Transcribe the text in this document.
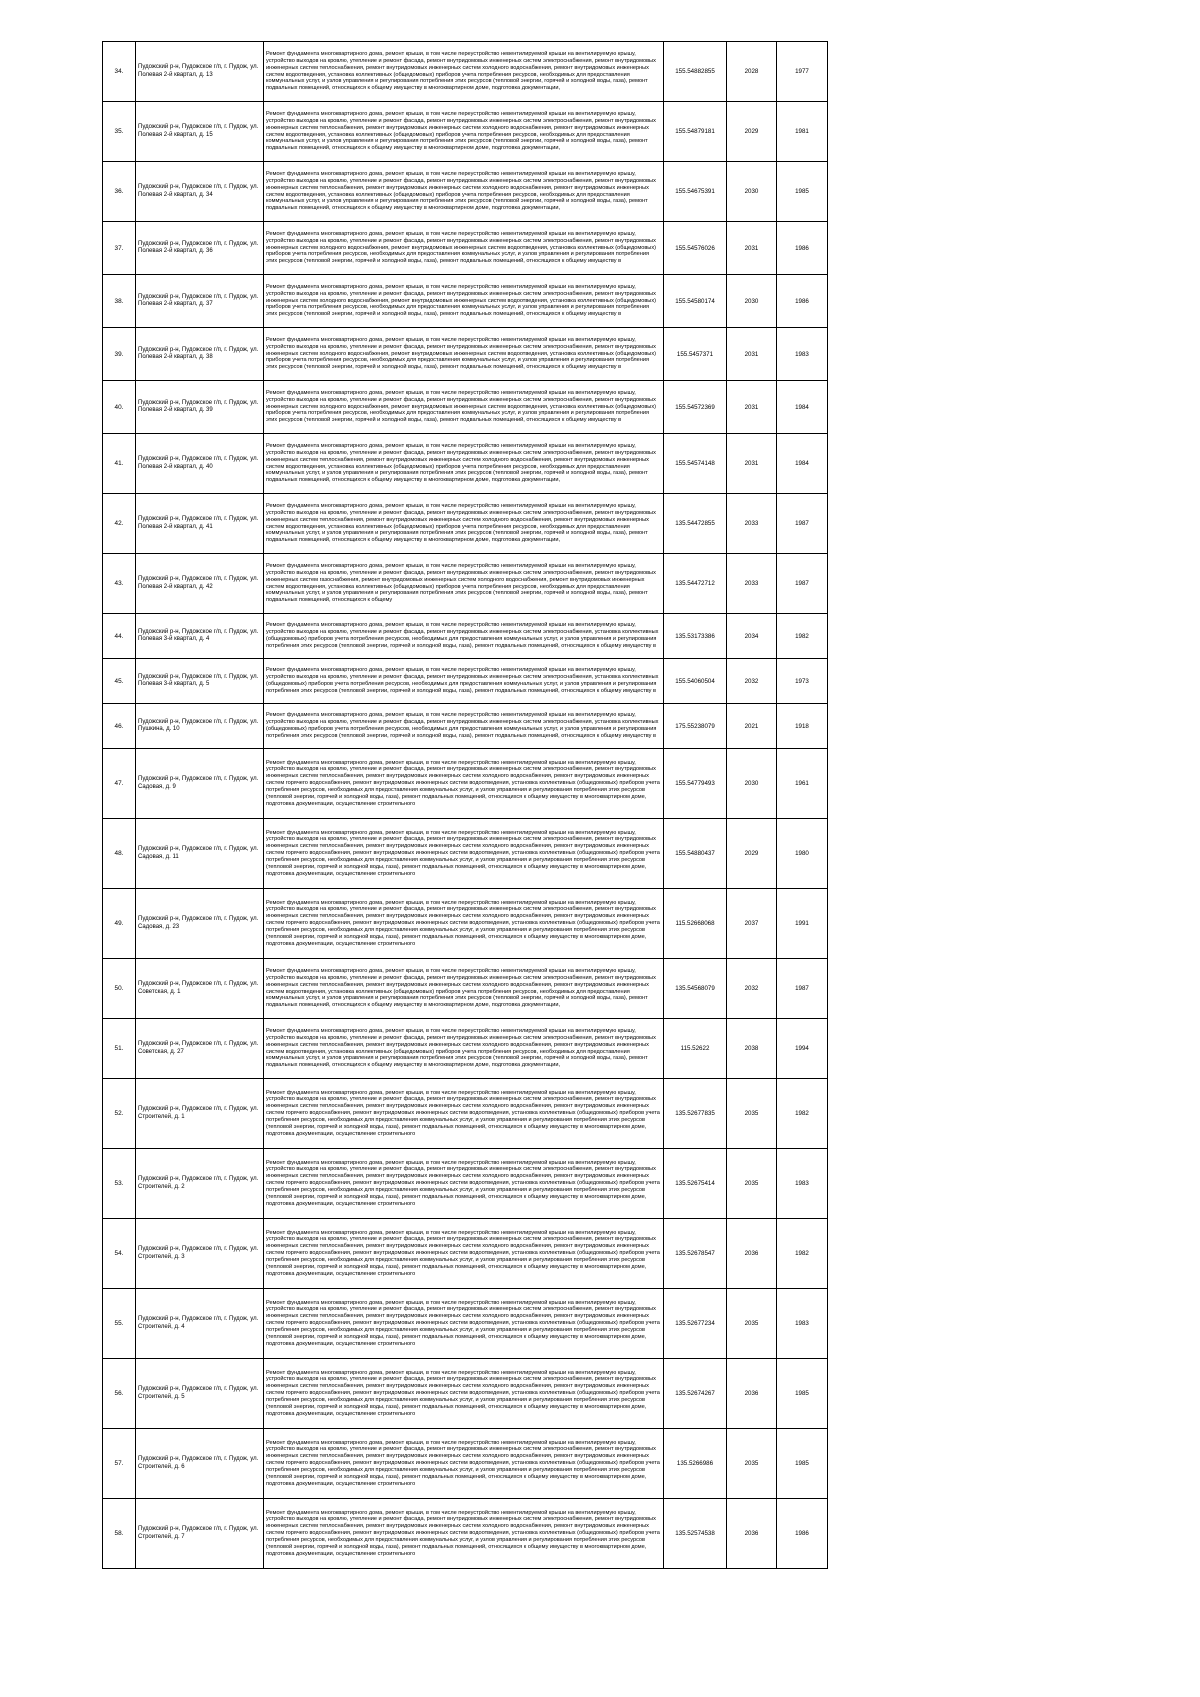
34.	Пудожский р-н, Пудожское г/п, г. Пудож, ул. Полевая 2-й квартал, д. 13	Ремонт фундамента многоквартирного дома, ремонт крыши, в том числе переустройство невентилируемой крыши на вентилируемую крышу, устройство выходов на кровлю, утепление и ремонт фасада, ремонт внутридомовых инженерных систем электроснабжения, ремонт внутридомовых инженерных систем теплоснабжения, ремонт внутридомовых инженерных систем холодного водоснабжения, ремонт внутридомовых инженерных систем водоотведения, установка коллективных (общедомовых) приборов учета потребления ресурсов, необходимых для предоставления коммунальных услуг, и узлов управления и регулирования потребления этих ресурсов (тепловой энергии, горячей и холодной воды, газа), ремонт подвальных помещений, относящихся к общему имуществу в многоквартирном доме, подготовка документации,	155.54882855	2028	1977
35.	Пудожский р-н, Пудожское г/п, г. Пудож, ул. Полевая 2-й квартал, д. 15	Ремонт фундамента многоквартирного дома, ремонт крыши, в том числе переустройство невентилируемой крыши на вентилируемую крышу, устройство выходов на кровлю, утепление и ремонт фасада, ремонт внутридомовых инженерных систем электроснабжения, ремонт внутридомовых инженерных систем теплоснабжения, ремонт внутридомовых инженерных систем холодного водоснабжения, ремонт внутридомовых инженерных систем водоотведения, установка коллективных (общедомовых) приборов учета потребления ресурсов, необходимых для предоставления коммунальных услуг, и узлов управления и регулирования потребления этих ресурсов (тепловой энергии, горячей и холодной воды, газа), ремонт подвальных помещений, относящихся к общему имуществу в многоквартирном доме, подготовка документации,	155.54879181	2029	1981
36.	Пудожский р-н, Пудожское г/п, г. Пудож, ул. Полевая 2-й квартал, д. 34	Ремонт фундамента многоквартирного дома, ремонт крыши, в том числе переустройство невентилируемой крыши на вентилируемую крышу, устройство выходов на кровлю, утепление и ремонт фасада, ремонт внутридомовых инженерных систем электроснабжения, ремонт внутридомовых инженерных систем теплоснабжения, ремонт внутридомовых инженерных систем холодного водоснабжения, ремонт внутридомовых инженерных систем водоотведения, установка коллективных (общедомовых) приборов учета потребления ресурсов, необходимых для предоставления коммунальных услуг, и узлов управления и регулирования потребления этих ресурсов (тепловой энергии, горячей и холодной воды, газа), ремонт подвальных помещений, относящихся к общему имуществу в многоквартирном доме, подготовка документации,	155.54675391	2030	1985
37.	Пудожский р-н, Пудожское г/п, г. Пудож, ул. Полевая 2-й квартал, д. 36	Ремонт фундамента многоквартирного дома, ремонт крыши, в том числе переустройство невентилируемой крыши на вентилируемую крышу, устройство выходов на кровлю, утепление и ремонт фасада, ремонт внутридомовых инженерных систем электроснабжения, ремонт внутридомовых инженерных систем холодного водоснабжения, ремонт внутридомовых инженерных систем водоотведения, установка коллективных (общедомовых) приборов учета потребления ресурсов, необходимых для предоставления коммунальных услуг, и узлов управления и регулирования потребления этих ресурсов (тепловой энергии, горячей и холодной воды, газа), ремонт подвальных помещений, относящихся к общему имуществу в	155.54576026	2031	1986
38.	Пудожский р-н, Пудожское г/п, г. Пудож, ул. Полевая 2-й квартал, д. 37	Ремонт фундамента многоквартирного дома, ремонт крыши, в том числе переустройство невентилируемой крыши на вентилируемую крышу, устройство выходов на кровлю, утепление и ремонт фасада, ремонт внутридомовых инженерных систем электроснабжения, ремонт внутридомовых инженерных систем холодного водоснабжения, ремонт внутридомовых инженерных систем водоотведения, установка коллективных (общедомовых) приборов учета потребления ресурсов, необходимых для предоставления коммунальных услуг, и узлов управления и регулирования потребления этих ресурсов (тепловой энергии, горячей и холодной воды, газа), ремонт подвальных помещений, относящихся к общему имуществу в	155.54580174	2030	1986
39.	Пудожский р-н, Пудожское г/п, г. Пудож, ул. Полевая 2-й квартал, д. 38	Ремонт фундамента многоквартирного дома, ремонт крыши, в том числе переустройство невентилируемой крыши на вентилируемую крышу, устройство выходов на кровлю, утепление и ремонт фасада, ремонт внутридомовых инженерных систем электроснабжения, ремонт внутридомовых инженерных систем холодного водоснабжения, ремонт внутридомовых инженерных систем водоотведения, установка коллективных (общедомовых) приборов учета потребления ресурсов, необходимых для предоставления коммунальных услуг, и узлов управления и регулирования потребления этих ресурсов (тепловой энергии, горячей и холодной воды, газа), ремонт подвальных помещений, относящихся к общему имуществу в	155.5457371	2031	1983
40.	Пудожский р-н, Пудожское г/п, г. Пудож, ул. Полевая 2-й квартал, д. 39	Ремонт фундамента многоквартирного дома, ремонт крыши, в том числе переустройство невентилируемой крыши на вентилируемую крышу, устройство выходов на кровлю, утепление и ремонт фасада, ремонт внутридомовых инженерных систем электроснабжения, ремонт внутридомовых инженерных систем холодного водоснабжения, ремонт внутридомовых инженерных систем водоотведения, установка коллективных (общедомовых) приборов учета потребления ресурсов, необходимых для предоставления коммунальных услуг, и узлов управления и регулирования потребления этих ресурсов (тепловой энергии, горячей и холодной воды, газа), ремонт подвальных помещений, относящихся к общему имуществу в	155.54572369	2031	1984
41.	Пудожский р-н, Пудожское г/п, г. Пудож, ул. Полевая 2-й квартал, д. 40	Ремонт фундамента многоквартирного дома, ремонт крыши, в том числе переустройство невентилируемой крыши на вентилируемую крышу, устройство выходов на кровлю, утепление и ремонт фасада, ремонт внутридомовых инженерных систем электроснабжения, ремонт внутридомовых инженерных систем теплоснабжения, ремонт внутридомовых инженерных систем холодного водоснабжения, ремонт внутридомовых инженерных систем водоотведения, установка коллективных (общедомовых) приборов учета потребления ресурсов, необходимых для предоставления коммунальных услуг, и узлов управления и регулирования потребления этих ресурсов (тепловой энергии, горячей и холодной воды, газа), ремонт подвальных помещений, относящихся к общему имуществу в многоквартирном доме, подготовка документации,	155.54574148	2031	1984
42.	Пудожский р-н, Пудожское г/п, г. Пудож, ул. Полевая 2-й квартал, д. 41	Ремонт фундамента многоквартирного дома, ремонт крыши, в том числе переустройство невентилируемой крыши на вентилируемую крышу, устройство выходов на кровлю, утепление и ремонт фасада, ремонт внутридомовых инженерных систем электроснабжения, ремонт внутридомовых инженерных систем теплоснабжения, ремонт внутридомовых инженерных систем холодного водоснабжения, ремонт внутридомовых инженерных систем водоотведения, установка коллективных (общедомовых) приборов учета потребления ресурсов, необходимых для предоставления коммунальных услуг, и узлов управления и регулирования потребления этих ресурсов (тепловой энергии, горячей и холодной воды, газа), ремонт подвальных помещений, относящихся к общему имуществу в многоквартирном доме, подготовка документации,	135.54472855	2033	1987
43.	Пудожский р-н, Пудожское г/п, г. Пудож, ул. Полевая 2-й квартал, д. 42	Ремонт фундамента многоквартирного дома, ремонт крыши, в том числе переустройство невентилируемой крыши на вентилируемую крышу, устройство выходов на кровлю, утепление и ремонт фасада, ремонт внутридомовых инженерных систем электроснабжения, ремонт внутридомовых инженерных систем газоснабжения, ремонт внутридомовых инженерных систем холодного водоснабжения, ремонт внутридомовых инженерных систем водоотведения, установка коллективных (общедомовых) приборов учета потребления ресурсов, необходимых для предоставления коммунальных услуг, и узлов управления и регулирования потребления этих ресурсов (тепловой энергии, горячей и холодной воды, газа), ремонт подвальных помещений, относящихся к общему	135.54472712	2033	1987
44.	Пудожский р-н, Пудожское г/п, г. Пудож, ул. Полевая 3-й квартал, д. 4	Ремонт фундамента многоквартирного дома, ремонт крыши, в том числе переустройство невентилируемой крыши на вентилируемую крышу, устройство выходов на кровлю, утепление и ремонт фасада, ремонт внутридомовых инженерных систем электроснабжения, установка коллективных (общедомовых) приборов учета потребления ресурсов, необходимых для предоставления коммунальных услуг, и узлов управления и регулирования потребления этих ресурсов (тепловой энергии, горячей и холодной воды, газа), ремонт подвальных помещений, относящихся к общему имуществу в	135.53173386	2034	1982
45.	Пудожский р-н, Пудожское г/п, г. Пудож, ул. Полевая 3-й квартал, д. 5	Ремонт фундамента многоквартирного дома, ремонт крыши, в том числе переустройство невентилируемой крыши на вентилируемую крышу, устройство выходов на кровлю, утепление и ремонт фасада, ремонт внутридомовых инженерных систем электроснабжения, установка коллективных (общедомовых) приборов учета потребления ресурсов, необходимых для предоставления коммунальных услуг, и узлов управления и регулирования потребления этих ресурсов (тепловой энергии, горячей и холодной воды, газа), ремонт подвальных помещений, относящихся к общему имуществу в	155.54060504	2032	1973
46.	Пудожский р-н, Пудожское г/п, г. Пудож, ул. Пушкина, д. 10	Ремонт фундамента многоквартирного дома, ремонт крыши, в том числе переустройство невентилируемой крыши на вентилируемую крышу, устройство выходов на кровлю, утепление и ремонт фасада, ремонт внутридомовых инженерных систем электроснабжения, установка коллективных (общедомовых) приборов учета потребления ресурсов, необходимых для предоставления коммунальных услуг, и узлов управления и регулирования потребления этих ресурсов (тепловой энергии, горячей и холодной воды, газа), ремонт подвальных помещений, относящихся к общему имуществу в	175.55238079	2021	1918
47.	Пудожский р-н, Пудожское г/п, г. Пудож, ул. Садовая, д. 9	Ремонт фундамента многоквартирного дома, ремонт крыши, в том числе переустройство невентилируемой крыши на вентилируемую крышу, устройство выходов на кровлю, утепление и ремонт фасада, ремонт внутридомовых инженерных систем электроснабжения, ремонт внутридомовых инженерных систем теплоснабжения, ремонт внутридомовых инженерных систем холодного водоснабжения, ремонт внутридомовых инженерных систем горячего водоснабжения, ремонт внутридомовых инженерных систем водоотведения, установка коллективных (общедомовых) приборов учета потребления ресурсов, необходимых для предоставления коммунальных услуг, и узлов управления и регулирования потребления этих ресурсов (тепловой энергии, горячей и холодной воды, газа), ремонт подвальных помещений, относящихся к общему имуществу в многоквартирном доме, подготовка документации, осуществление строительного	155.54779493	2030	1961
48.	Пудожский р-н, Пудожское г/п, г. Пудож, ул. Садовая, д. 11	Ремонт фундамента многоквартирного дома, ремонт крыши, в том числе переустройство невентилируемой крыши на вентилируемую крышу, устройство выходов на кровлю, утепление и ремонт фасада, ремонт внутридомовых инженерных систем электроснабжения, ремонт внутридомовых инженерных систем теплоснабжения, ремонт внутридомовых инженерных систем холодного водоснабжения, ремонт внутридомовых инженерных систем горячего водоснабжения, ремонт внутридомовых инженерных систем водоотведения, установка коллективных (общедомовых) приборов учета потребления ресурсов, необходимых для предоставления коммунальных услуг, и узлов управления и регулирования потребления этих ресурсов (тепловой энергии, горячей и холодной воды, газа), ремонт подвальных помещений, относящихся к общему имуществу в многоквартирном доме, подготовка документации, осуществление строительного	155.54880437	2029	1980
49.	Пудожский р-н, Пудожское г/п, г. Пудож, ул. Садовая, д. 23	Ремонт фундамента многоквартирного дома, ремонт крыши, в том числе переустройство невентилируемой крыши на вентилируемую крышу, устройство выходов на кровлю, утепление и ремонт фасада, ремонт внутридомовых инженерных систем электроснабжения, ремонт внутридомовых инженерных систем теплоснабжения, ремонт внутридомовых инженерных систем холодного водоснабжения, ремонт внутридомовых инженерных систем горячего водоснабжения, ремонт внутридомовых инженерных систем водоотведения, установка коллективных (общедомовых) приборов учета потребления ресурсов, необходимых для предоставления коммунальных услуг, и узлов управления и регулирования потребления этих ресурсов (тепловой энергии, горячей и холодной воды, газа), ремонт подвальных помещений, относящихся к общему имуществу в многоквартирном доме, подготовка документации, осуществление строительного	115.52668068	2037	1991
50.	Пудожский р-н, Пудожское г/п, г. Пудож, ул. Советская, д. 1	Ремонт фундамента многоквартирного дома, ремонт крыши, в том числе переустройство невентилируемой крыши на вентилируемую крышу, устройство выходов на кровлю, утепление и ремонт фасада, ремонт внутридомовых инженерных систем электроснабжения, ремонт внутридомовых инженерных систем теплоснабжения, ремонт внутридомовых инженерных систем холодного водоснабжения, ремонт внутридомовых инженерных систем водоотведения, установка коллективных (общедомовых) приборов учета потребления ресурсов, необходимых для предоставления коммунальных услуг, и узлов управления и регулирования потребления этих ресурсов (тепловой энергии, горячей и холодной воды, газа), ремонт подвальных помещений, относящихся к общему имуществу в многоквартирном доме, подготовка документации,	135.54568079	2032	1987
51.	Пудожский р-н, Пудожское г/п, г. Пудож, ул. Советская, д. 27	Ремонт фундамента многоквартирного дома, ремонт крыши, в том числе переустройство невентилируемой крыши на вентилируемую крышу, устройство выходов на кровлю, утепление и ремонт фасада, ремонт внутридомовых инженерных систем электроснабжения, ремонт внутридомовых инженерных систем теплоснабжения, ремонт внутридомовых инженерных систем холодного водоснабжения, ремонт внутридомовых инженерных систем водоотведения, установка коллективных (общедомовых) приборов учета потребления ресурсов, необходимых для предоставления коммунальных услуг, и узлов управления и регулирования потребления этих ресурсов (тепловой энергии, горячей и холодной воды, газа), ремонт подвальных помещений, относящихся к общему имуществу в многоквартирном доме, подготовка документации,	115.52622	2038	1994
52.	Пудожский р-н, Пудожское г/п, г. Пудож, ул. Строителей, д. 1	Ремонт фундамента многоквартирного дома, ремонт крыши, в том числе переустройство невентилируемой крыши на вентилируемую крышу, устройство выходов на кровлю, утепление и ремонт фасада, ремонт внутридомовых инженерных систем электроснабжения, ремонт внутридомовых инженерных систем теплоснабжения, ремонт внутридомовых инженерных систем холодного водоснабжения, ремонт внутридомовых инженерных систем горячего водоснабжения, ремонт внутридомовых инженерных систем водоотведения, установка коллективных (общедомовых) приборов учета потребления ресурсов, необходимых для предоставления коммунальных услуг, и узлов управления и регулирования потребления этих ресурсов (тепловой энергии, горячей и холодной воды, газа), ремонт подвальных помещений, относящихся к общему имуществу в многоквартирном доме, подготовка документации, осуществление строительного	135.52677835	2035	1982
53.	Пудожский р-н, Пудожское г/п, г. Пудож, ул. Строителей, д. 2	Ремонт фундамента многоквартирного дома, ремонт крыши, в том числе переустройство невентилируемой крыши на вентилируемую крышу, устройство выходов на кровлю, утепление и ремонт фасада, ремонт внутридомовых инженерных систем электроснабжения, ремонт внутридомовых инженерных систем теплоснабжения, ремонт внутридомовых инженерных систем холодного водоснабжения, ремонт внутридомовых инженерных систем горячего водоснабжения, ремонт внутридомовых инженерных систем водоотведения, установка коллективных (общедомовых) приборов учета потребления ресурсов, необходимых для предоставления коммунальных услуг, и узлов управления и регулирования потребления этих ресурсов (тепловой энергии, горячей и холодной воды, газа), ремонт подвальных помещений, относящихся к общему имуществу в многоквартирном доме, подготовка документации, осуществление строительного	135.52675414	2035	1983
54.	Пудожский р-н, Пудожское г/п, г. Пудож, ул. Строителей, д. 3	Ремонт фундамента многоквартирного дома, ремонт крыши, в том числе переустройство невентилируемой крыши на вентилируемую крышу, устройство выходов на кровлю, утепление и ремонт фасада, ремонт внутридомовых инженерных систем электроснабжения, ремонт внутридомовых инженерных систем теплоснабжения, ремонт внутридомовых инженерных систем холодного водоснабжения, ремонт внутридомовых инженерных систем горячего водоснабжения, ремонт внутридомовых инженерных систем водоотведения, установка коллективных (общедомовых) приборов учета потребления ресурсов, необходимых для предоставления коммунальных услуг, и узлов управления и регулирования потребления этих ресурсов (тепловой энергии, горячей и холодной воды, газа), ремонт подвальных помещений, относящихся к общему имуществу в многоквартирном доме, подготовка документации, осуществление строительного	135.52678547	2036	1982
55.	Пудожский р-н, Пудожское г/п, г. Пудож, ул. Строителей, д. 4	Ремонт фундамента многоквартирного дома, ремонт крыши, в том числе переустройство невентилируемой крыши на вентилируемую крышу, устройство выходов на кровлю, утепление и ремонт фасада, ремонт внутридомовых инженерных систем электроснабжения, ремонт внутридомовых инженерных систем теплоснабжения, ремонт внутридомовых инженерных систем холодного водоснабжения, ремонт внутридомовых инженерных систем горячего водоснабжения, ремонт внутридомовых инженерных систем водоотведения, установка коллективных (общедомовых) приборов учета потребления ресурсов, необходимых для предоставления коммунальных услуг, и узлов управления и регулирования потребления этих ресурсов (тепловой энергии, горячей и холодной воды, газа), ремонт подвальных помещений, относящихся к общему имуществу в многоквартирном доме, подготовка документации, осуществление строительного	135.52677234	2035	1983
56.	Пудожский р-н, Пудожское г/п, г. Пудож, ул. Строителей, д. 5	Ремонт фундамента многоквартирного дома, ремонт крыши, в том числе переустройство невентилируемой крыши на вентилируемую крышу, устройство выходов на кровлю, утепление и ремонт фасада, ремонт внутридомовых инженерных систем электроснабжения, ремонт внутридомовых инженерных систем теплоснабжения, ремонт внутридомовых инженерных систем холодного водоснабжения, ремонт внутридомовых инженерных систем горячего водоснабжения, ремонт внутридомовых инженерных систем водоотведения, установка коллективных (общедомовых) приборов учета потребления ресурсов, необходимых для предоставления коммунальных услуг, и узлов управления и регулирования потребления этих ресурсов (тепловой энергии, горячей и холодной воды, газа), ремонт подвальных помещений, относящихся к общему имуществу в многоквартирном доме, подготовка документации, осуществление строительного	135.52674267	2036	1985
57.	Пудожский р-н, Пудожское г/п, г. Пудож, ул. Строителей, д. 6	Ремонт фундамента многоквартирного дома, ремонт крыши, в том числе переустройство невентилируемой крыши на вентилируемую крышу, устройство выходов на кровлю, утепление и ремонт фасада, ремонт внутридомовых инженерных систем электроснабжения, ремонт внутридомовых инженерных систем теплоснабжения, ремонт внутридомовых инженерных систем холодного водоснабжения, ремонт внутридомовых инженерных систем горячего водоснабжения, ремонт внутридомовых инженерных систем водоотведения, установка коллективных (общедомовых) приборов учета потребления ресурсов, необходимых для предоставления коммунальных услуг, и узлов управления и регулирования потребления этих ресурсов (тепловой энергии, горячей и холодной воды, газа), ремонт подвальных помещений, относящихся к общему имуществу в многоквартирном доме, подготовка документации, осуществление строительного	135.5266986	2035	1985
58.	Пудожский р-н, Пудожское г/п, г. Пудож, ул. Строителей, д. 7	Ремонт фундамента многоквартирного дома, ремонт крыши, в том числе переустройство невентилируемой крыши на вентилируемую крышу, устройство выходов на кровлю, утепление и ремонт фасада, ремонт внутридомовых инженерных систем электроснабжения, ремонт внутридомовых инженерных систем теплоснабжения, ремонт внутридомовых инженерных систем холодного водоснабжения, ремонт внутридомовых инженерных систем горячего водоснабжения, ремонт внутридомовых инженерных систем водоотведения, установка коллективных (общедомовых) приборов учета потребления ресурсов, необходимых для предоставления коммунальных услуг, и узлов управления и регулирования потребления этих ресурсов (тепловой энергии, горячей и холодной воды, газа), ремонт подвальных помещений, относящихся к общему имуществу в многоквартирном доме, подготовка документации, осуществление строительного	135.52574538	2036	1986
